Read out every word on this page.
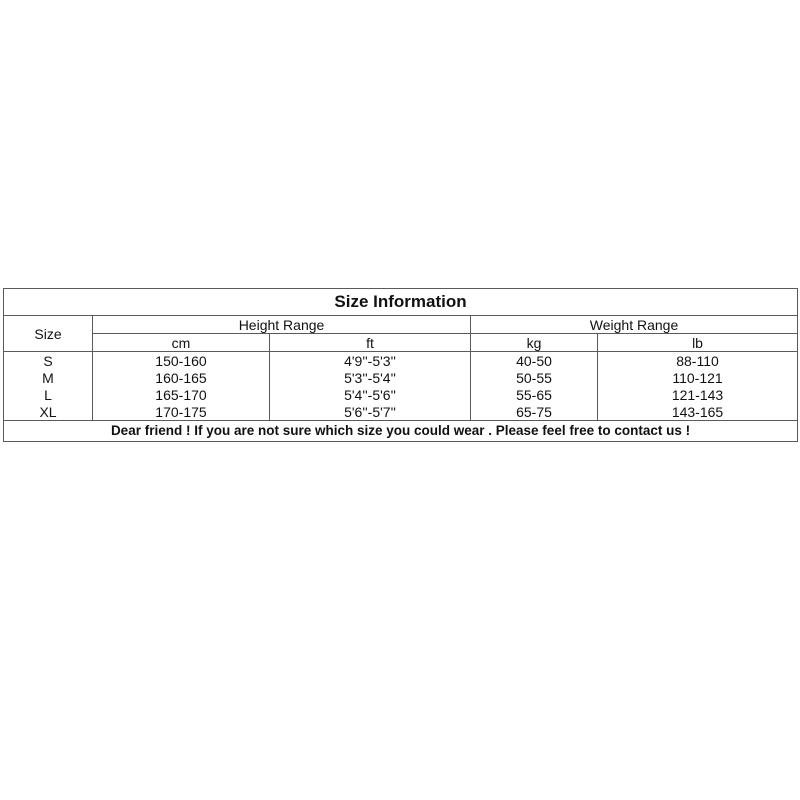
Size Information				
Size	Height Range		Weight Range	
	cm	ft	kg	lb
S	150-160	4'9''-5'3''	40-50	88-110
M	160-165	5'3''-5'4''	50-55	110-121
L	165-170	5'4''-5'6''	55-65	121-143
XL	170-175	5'6''-5'7''	65-75	143-165
Dear friend ! If you are not sure which size you could wear . Please feel free to contact us !				
